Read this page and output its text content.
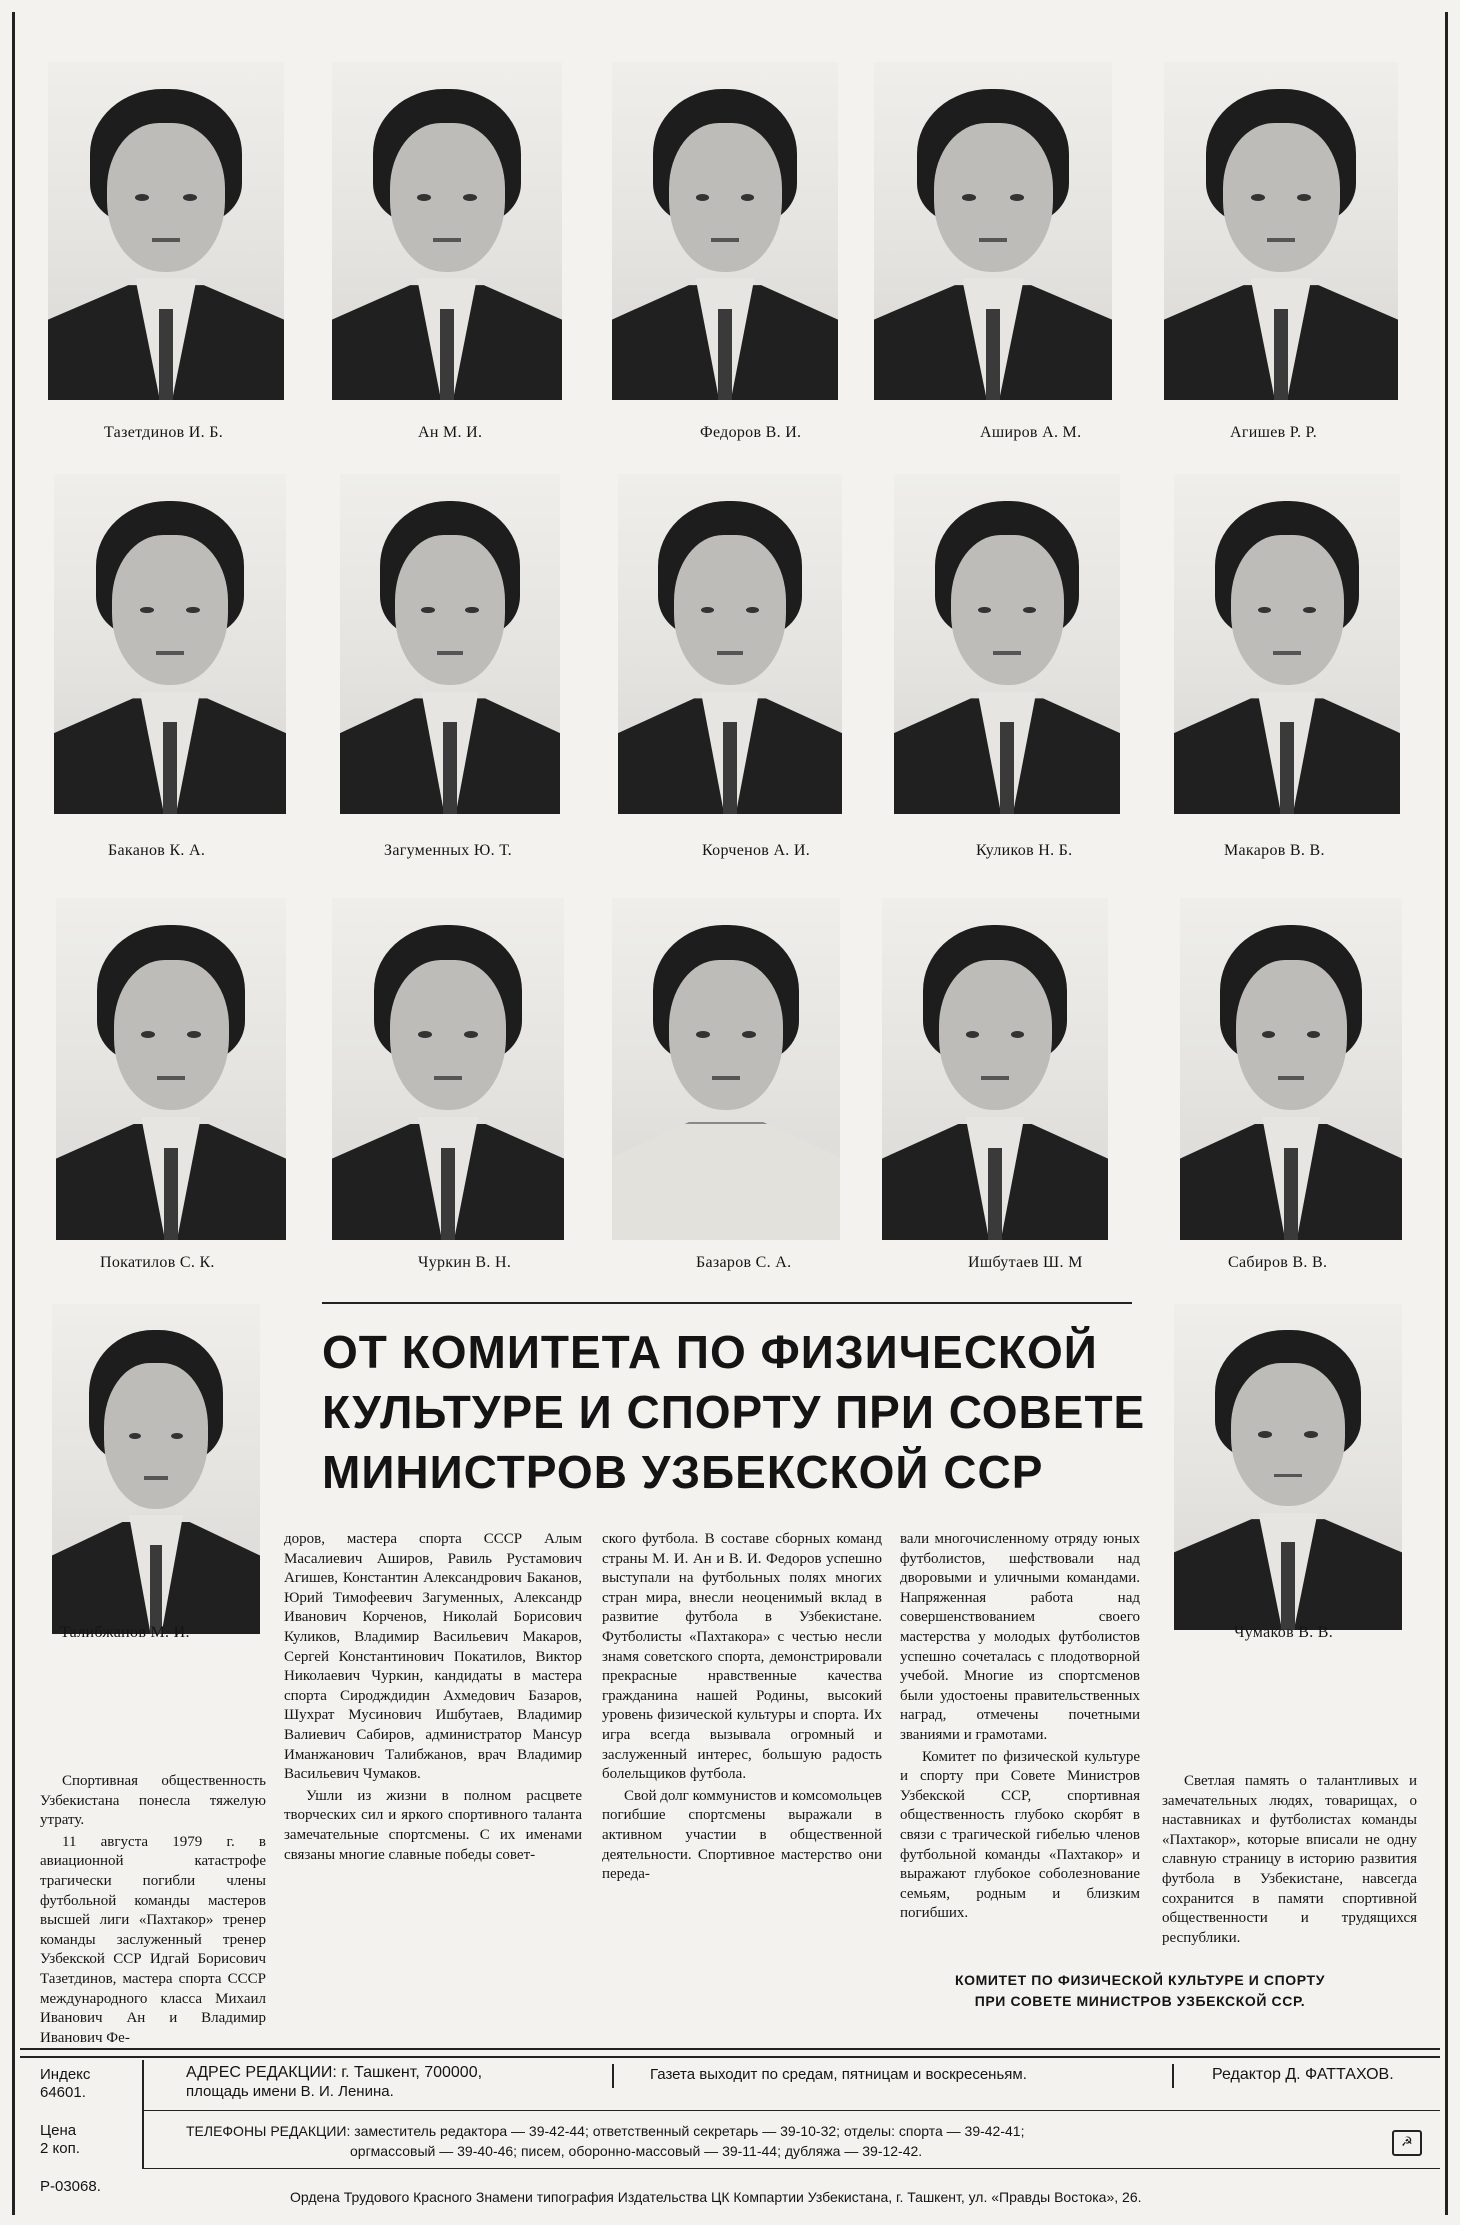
Тазетдинов И. Б.	Ан М. И.	Федоров В. И.	Аширов А. М.	Агишев Р. Р.
Баканов К. А.	Загуменных Ю. Т.	Корченов А. И.	Куликов Н. Б.	Макаров В. В.
Покатилов С. К.	Чуркин В. Н.	Базаров С. А.	Ишбутаев Ш. М	Сабиров В. В.
Талибжанов М. И.	Чумаков В. В.
ОТ КОМИТЕТА ПО ФИЗИЧЕСКОЙ
КУЛЬТУРЕ И СПОРТУ ПРИ СОВЕТЕ
МИНИСТРОВ УЗБЕКСКОЙ ССР

Спортивная общественность Узбекистана понесла тяжелую утрату.

11 августа 1979 г. в авиационной катастрофе трагически погибли члены футбольной команды мастеров высшей лиги «Пахтакор» тренер команды заслуженный тренер Узбекской ССР Идгай Борисович Тазетдинов, мастера спорта СССР международного класса Михаил Иванович Ан и Владимир Иванович Фе-

доров, мастера спорта СССР Алым Масалиевич Аширов, Равиль Рустамович Агишев, Константин Александрович Баканов, Юрий Тимофеевич Загуменных, Александр Иванович Корченов, Николай Борисович Куликов, Владимир Васильевич Макаров, Сергей Константинович Покатилов, Виктор Николаевич Чуркин, кандидаты в мастера спорта Сиродждидин Ахмедович Базаров, Шухрат Мусинович Ишбутаев, Владимир Валиевич Сабиров, администратор Мансур Иманжанович Талибжанов, врач Владимир Васильевич Чумаков.

Ушли из жизни в полном расцвете творческих сил и яркого спортивного таланта замечательные спортсмены. С их именами связаны многие славные победы совет-

ского футбола. В составе сборных команд страны М. И. Ан и В. И. Федоров успешно выступали на футбольных полях многих стран мира, внесли неоценимый вклад в развитие футбола в Узбекистане. Футболисты «Пахтакора» с честью несли знамя советского спорта, демонстрировали прекрасные нравственные качества гражданина нашей Родины, высокий уровень физической культуры и спорта. Их игра всегда вызывала огромный и заслуженный интерес, большую радость болельщиков футбола.

Свой долг коммунистов и комсомольцев погибшие спортсмены выражали в активном участии в общественной деятельности. Спортивное мастерство они переда-

вали многочисленному отряду юных футболистов, шефствовали над дворовыми и уличными командами. Напряженная работа над совершенствованием своего мастерства у молодых футболистов успешно сочеталась с плодотворной учебой. Многие из спортсменов были удостоены правительственных наград, отмечены почетными званиями и грамотами.

Комитет по физической культуре и спорту при Совете Министров Узбекской ССР, спортивная общественность глубоко скорбят в связи с трагической гибелью членов футбольной команды «Пахтакор» и выражают глубокое соболезнование семьям, родным и близким погибших.

Светлая память о талантливых и замечательных людях, товарищах, о наставниках и футболистах команды «Пахтакор», которые вписали не одну славную страницу в историю развития футбола в Узбекистане, навсегда сохранится в памяти спортивной общественности и трудящихся республики.

КОМИТЕТ ПО ФИЗИЧЕСКОЙ КУЛЬТУРЕ И СПОРТУ
ПРИ СОВЕТЕ МИНИСТРОВ УЗБЕКСКОЙ ССР.
Индекс
64601.
Цена
2 коп.
Р-03068.
АДРЕС РЕДАКЦИИ: г. Ташкент, 700000,
площадь имени В. И. Ленина.
Газета выходит по средам, пятницам и воскресеньям.	Редактор Д. ФАТТАХОВ.
ТЕЛЕФОНЫ РЕДАКЦИИ: заместитель редактора — 39-42-44; ответственный секретарь — 39-10-32; отделы: спорта — 39-42-41;
оргмассовый — 39-40-46; писем, оборонно-массовый — 39-11-44; дубляжа — 39-12-42.
☭
Ордена Трудового Красного Знамени типография Издательства ЦК Компартии Узбекистана, г. Ташкент, ул. «Правды Востока», 26.
